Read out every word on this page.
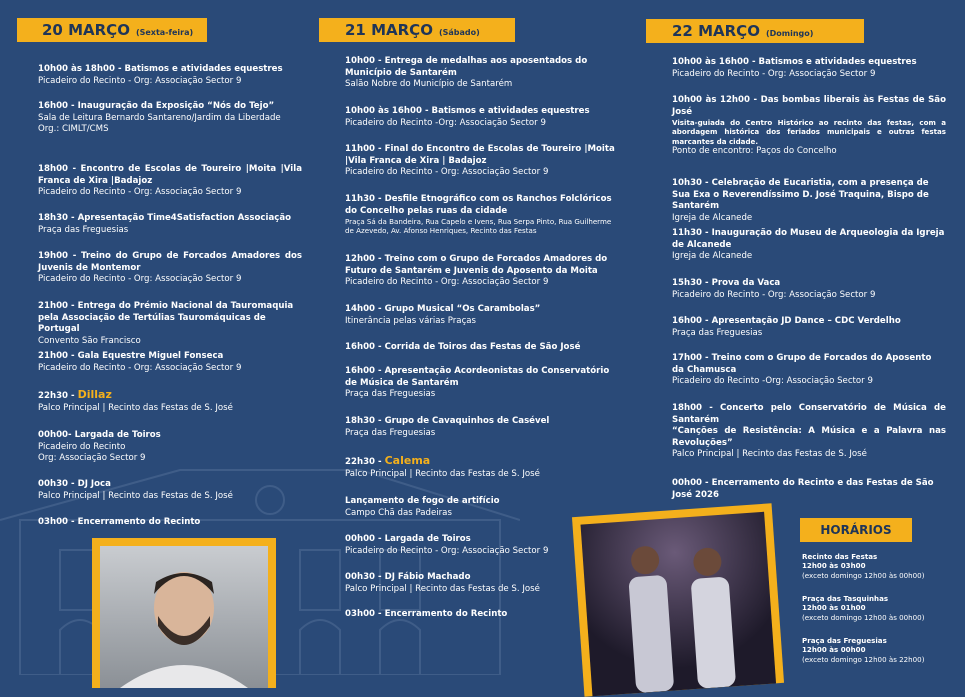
20 MARÇO (Sexta-feira)	21 MARÇO (Sábado)	22 MARÇO (Domingo)
10h00 às 18h00 - Batismos e atividades equestres
Picadeiro do Recinto - Org: Associação Sector 9
16h00 - Inauguração da Exposição “Nós do Tejo”
Sala de Leitura Bernardo Santareno/Jardim da Liberdade
Org.: CIMLT/CMS
18h00 - Encontro de Escolas de Toureiro |Moita |Vila Franca de Xira |Badajoz
Picadeiro do Recinto - Org: Associação Sector 9
18h30 - Apresentação Time4Satisfaction Associação
Praça das Freguesias
19h00 - Treino do Grupo de Forcados Amadores dos Juvenis de Montemor
Picadeiro do Recinto - Org: Associação Sector 9
21h00 - Entrega do Prémio Nacional da Tauromaquia pela Associação de Tertúlias Tauromáquicas de Portugal
Convento São Francisco
21h00 - Gala Equestre Miguel Fonseca
Picadeiro do Recinto - Org: Associação Sector 9
22h30 - Dillaz
Palco Principal | Recinto das Festas de S. José
00h00- Largada de Toiros
Picadeiro do Recinto
Org: Associação Sector 9
00h30 - DJ Joca
Palco Principal | Recinto das Festas de S. José
03h00 - Encerramento do Recinto
10h00 - Entrega de medalhas aos aposentados do Município de Santarém
Salão Nobre do Município de Santarém
10h00 às 16h00 - Batismos e atividades equestres
Picadeiro do Recinto -Org: Associação Sector 9
11h00 - Final do Encontro de Escolas de Toureiro |Moita |Vila Franca de Xira | Badajoz
Picadeiro do Recinto - Org: Associação Sector 9
11h30 - Desfile Etnográfico com os Ranchos Folclóricos do Concelho pelas ruas da cidade
Praça Sá da Bandeira, Rua Capelo e Ivens, Rua Serpa Pinto, Rua Guilherme de Azevedo, Av. Afonso Henriques, Recinto das Festas
12h00 - Treino com o Grupo de Forcados Amadores do Futuro de Santarém e Juvenis do Aposento da Moita
Picadeiro do Recinto - Org: Associação Sector 9
14h00 - Grupo Musical “Os Carambolas”
Itinerância pelas várias Praças
16h00 - Corrida de Toiros das Festas de São José
16h00 - Apresentação Acordeonistas do Conservatório de Música de Santarém
Praça das Freguesias
18h30 - Grupo de Cavaquinhos de Casével
Praça das Freguesias
22h30 - Calema
Palco Principal | Recinto das Festas de S. José
Lançamento de fogo de artifício
Campo Chã das Padeiras
00h00 - Largada de Toiros
Picadeiro do Recinto - Org: Associação Sector 9
00h30 - DJ Fábio Machado
Palco Principal | Recinto das Festas de S. José
03h00 - Encerramento do Recinto
10h00 às 16h00 - Batismos e atividades equestres
Picadeiro do Recinto - Org: Associação Sector 9
10h00 às 12h00 - Das bombas liberais às Festas de São José
Visita-guiada do Centro Histórico ao recinto das festas, com a abordagem histórica dos feriados municipais e outras festas marcantes da cidade.
Ponto de encontro: Paços do Concelho
10h30 - Celebração de Eucaristia, com a presença de Sua Exa o Reverendíssimo D. José Traquina, Bispo de Santarém
Igreja de Alcanede
11h30 - Inauguração do Museu de Arqueologia da Igreja de Alcanede
Igreja de Alcanede
15h30 - Prova da Vaca
Picadeiro do Recinto - Org: Associação Sector 9
16h00 - Apresentação JD Dance – CDC Verdelho
Praça das Freguesias
17h00 - Treino com o Grupo de Forcados do Aposento da Chamusca
Picadeiro do Recinto -Org: Associação Sector 9
18h00 - Concerto pelo Conservatório de Música de Santarém
“Canções de Resistência: A Música e a Palavra nas Revoluções”
Palco Principal | Recinto das Festas de S. José
00h00 - Encerramento do Recinto e das Festas de São José 2026
HORÁRIOS
Recinto das Festas
12h00 às 03h00
(exceto domingo 12h00 às 00h00)
Praça das Tasquinhas
12h00 às 01h00
(exceto domingo 12h00 às 00h00)
Praça das Freguesias
12h00 às 00h00
(exceto domingo 12h00 às 22h00)
